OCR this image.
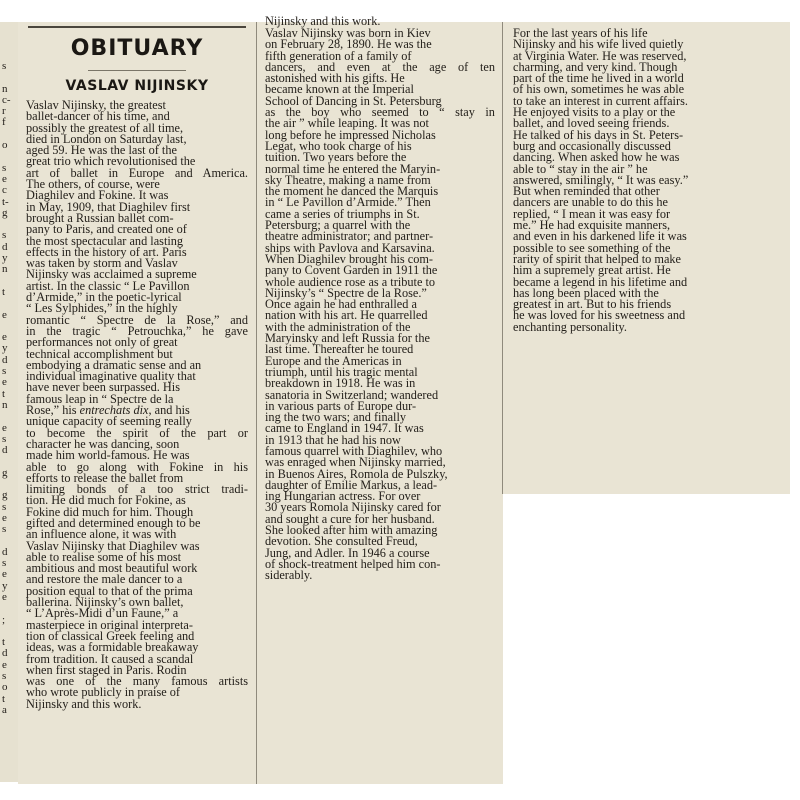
s
n
c-
r
f
o
s
e
c
t-
g
s
d
y
n
t
e
e
y
d
s
e
t
n
e
s
d
g
g
s
e
s
d
s
e
y
e
;
t
d
e
s
o
t
a
OBITUARY
VASLAV NIJINSKY
Vaslav Nijinsky, the greatest
ballet-dancer of his time, and
possibly the greatest of all time,
died in London on Saturday last,
aged 59. He was the last of the
great trio which revolutionised the
art of ballet in Europe and America.
The others, of course, were
Diaghilev and Fokine. It was
in May, 1909, that Diaghilev first
brought a Russian ballet com-
pany to Paris, and created one of
the most spectacular and lasting
effects in the history of art. Paris
was taken by storm and Vaslav
Nijinsky was acclaimed a supreme
artist. In the classic “ Le Pavillon
d’Armide,” in the poetic-lyrical
“ Les Sylphides,” in the highly
romantic “ Spectre de la Rose,” and
in the tragic “ Petrouchka,” he gave
performances not only of great
technical accomplishment but
embodying a dramatic sense and an
individual imaginative quality that
have never been surpassed. His
famous leap in “ Spectre de la
Rose,” his entrechats dix, and his
unique capacity of seeming really
to become the spirit of the part or
character he was dancing, soon
made him world-famous. He was
able to go along with Fokine in his
efforts to release the ballet from
limiting bonds of a too strict tradi-
tion. He did much for Fokine, as
Fokine did much for him. Though
gifted and determined enough to be
an influence alone, it was with
Vaslav Nijinsky that Diaghilev was
able to realise some of his most
ambitious and most beautiful work
and restore the male dancer to a
position equal to that of the prima
ballerina. Nijinsky’s own ballet,
“ L’Après-Midi d’un Faune,” a
masterpiece in original interpreta-
tion of classical Greek feeling and
ideas, was a formidable breakaway
from tradition. It caused a scandal
when first staged in Paris. Rodin
was one of the many famous artists
who wrote publicly in praise of
Nijinsky and this work.
Nijinsky and this work.
Vaslav Nijinsky was born in Kiev
on February 28, 1890. He was the
fifth generation of a family of
dancers, and even at the age of ten
astonished with his gifts. He
became known at the Imperial
School of Dancing in St. Petersburg
as the boy who seemed to “ stay in
the air ” while leaping. It was not
long before he impressed Nicholas
Legat, who took charge of his
tuition. Two years before the
normal time he entered the Maryin-
sky Theatre, making a name from
the moment he danced the Marquis
in “ Le Pavillon d’Armide.” Then
came a series of triumphs in St.
Petersburg; a quarrel with the
theatre administrator; and partner-
ships with Pavlova and Karsavina.
When Diaghilev brought his com-
pany to Covent Garden in 1911 the
whole audience rose as a tribute to
Nijinsky’s “ Spectre de la Rose.”
Once again he had enthralled a
nation with his art. He quarrelled
with the administration of the
Maryinsky and left Russia for the
last time. Thereafter he toured
Europe and the Americas in
triumph, until his tragic mental
breakdown in 1918. He was in
sanatoria in Switzerland; wandered
in various parts of Europe dur-
ing the two wars; and finally
came to England in 1947. It was
in 1913 that he had his now
famous quarrel with Diaghilev, who
was enraged when Nijinsky married,
in Buenos Aires, Romola de Pulszky,
daughter of Emilie Markus, a lead-
ing Hungarian actress. For over
30 years Romola Nijinsky cared for
and sought a cure for her husband.
She looked after him with amazing
devotion. She consulted Freud,
Jung, and Adler. In 1946 a course
of shock-treatment helped him con-
siderably.
For the last years of his life
Nijinsky and his wife lived quietly
at Virginia Water. He was reserved,
charming, and very kind. Though
part of the time he lived in a world
of his own, sometimes he was able
to take an interest in current affairs.
He enjoyed visits to a play or the
ballet, and loved seeing friends.
He talked of his days in St. Peters-
burg and occasionally discussed
dancing. When asked how he was
able to “ stay in the air ” he
answered, smilingly, “ It was easy.”
But when reminded that other
dancers are unable to do this he
replied, “ I mean it was easy for
me.” He had exquisite manners,
and even in his darkened life it was
possible to see something of the
rarity of spirit that helped to make
him a supremely great artist. He
became a legend in his lifetime and
has long been placed with the
greatest in art. But to his friends
he was loved for his sweetness and
enchanting personality.
